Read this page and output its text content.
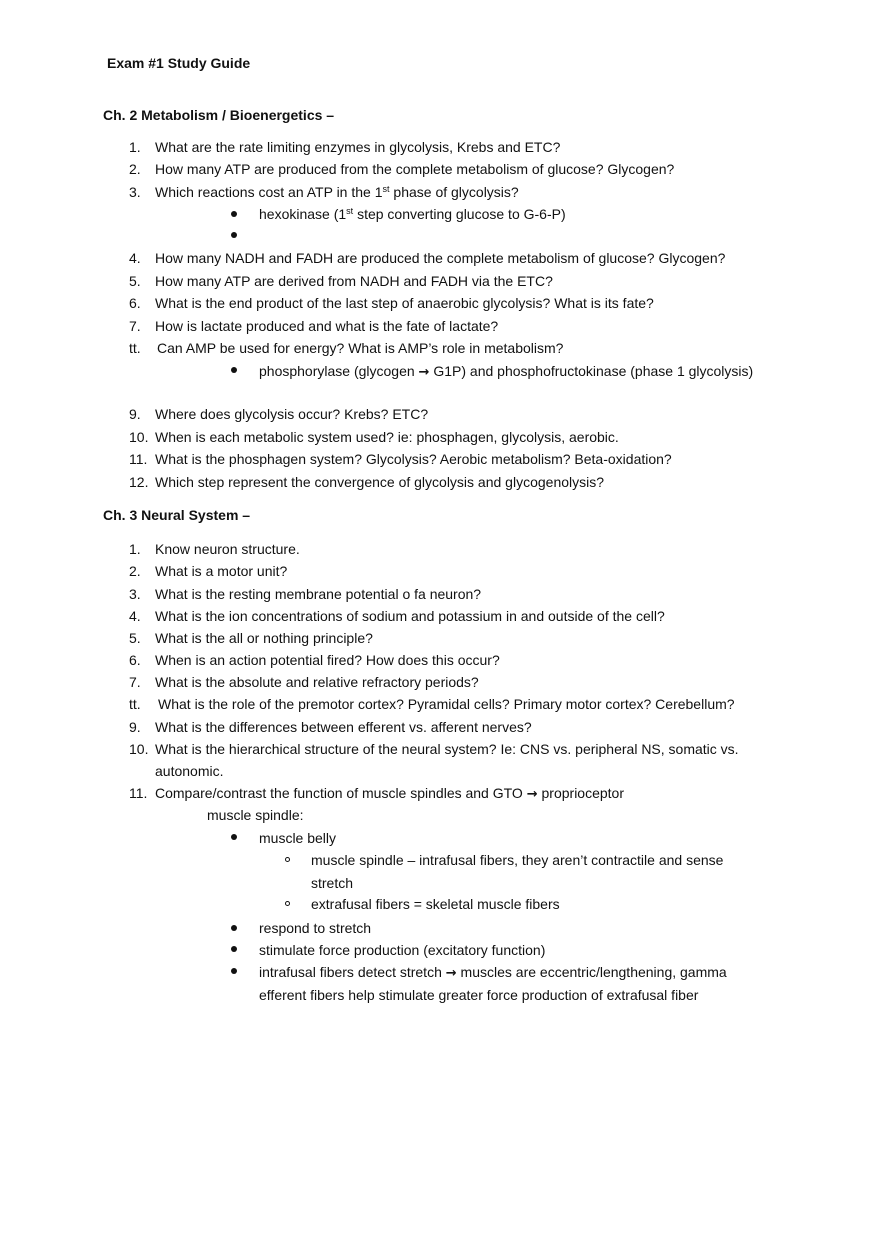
Exam #1 Study Guide
Ch. 2 Metabolism / Bioenergetics –
1. What are the rate limiting enzymes in glycolysis, Krebs and ETC?
2. How many ATP are produced from the complete metabolism of glucose? Glycogen?
3. Which reactions cost an ATP in the 1st phase of glycolysis?
hexokinase (1st step converting glucose to G-6-P)
4. How many NADH and FADH are produced the complete metabolism of glucose? Glycogen?
5. How many ATP are derived from NADH and FADH via the ETC?
6. What is the end product of the last step of anaerobic glycolysis? What is its fate?
7. How is lactate produced and what is the fate of lactate?
tt. Can AMP be used for energy? What is AMP’s role in metabolism?
phosphorylase (glycogen → G1P) and phosphofructokinase (phase 1 glycolysis)
9. Where does glycolysis occur? Krebs? ETC?
10. When is each metabolic system used? ie: phosphagen, glycolysis, aerobic.
11. What is the phosphagen system? Glycolysis? Aerobic metabolism? Beta-oxidation?
12. Which step represent the convergence of glycolysis and glycogenolysis?
Ch. 3 Neural System –
1. Know neuron structure.
2. What is a motor unit?
3. What is the resting membrane potential o fa neuron?
4. What is the ion concentrations of sodium and potassium in and outside of the cell?
5. What is the all or nothing principle?
6. When is an action potential fired? How does this occur?
7. What is the absolute and relative refractory periods?
tt. What is the role of the premotor cortex? Pyramidal cells? Primary motor cortex? Cerebellum?
9. What is the differences between efferent vs. afferent nerves?
10. What is the hierarchical structure of the neural system? Ie: CNS vs. peripheral NS, somatic vs.
autonomic.
11. Compare/contrast the function of muscle spindles and GTO → proprioceptor
muscle spindle:
muscle belly
muscle spindle – intrafusal fibers, they aren’t contractile and sense
stretch
extrafusal fibers = skeletal muscle fibers
respond to stretch
stimulate force production (excitatory function)
intrafusal fibers detect stretch → muscles are eccentric/lengthening, gamma
efferent fibers help stimulate greater force production of extrafusal fiber
